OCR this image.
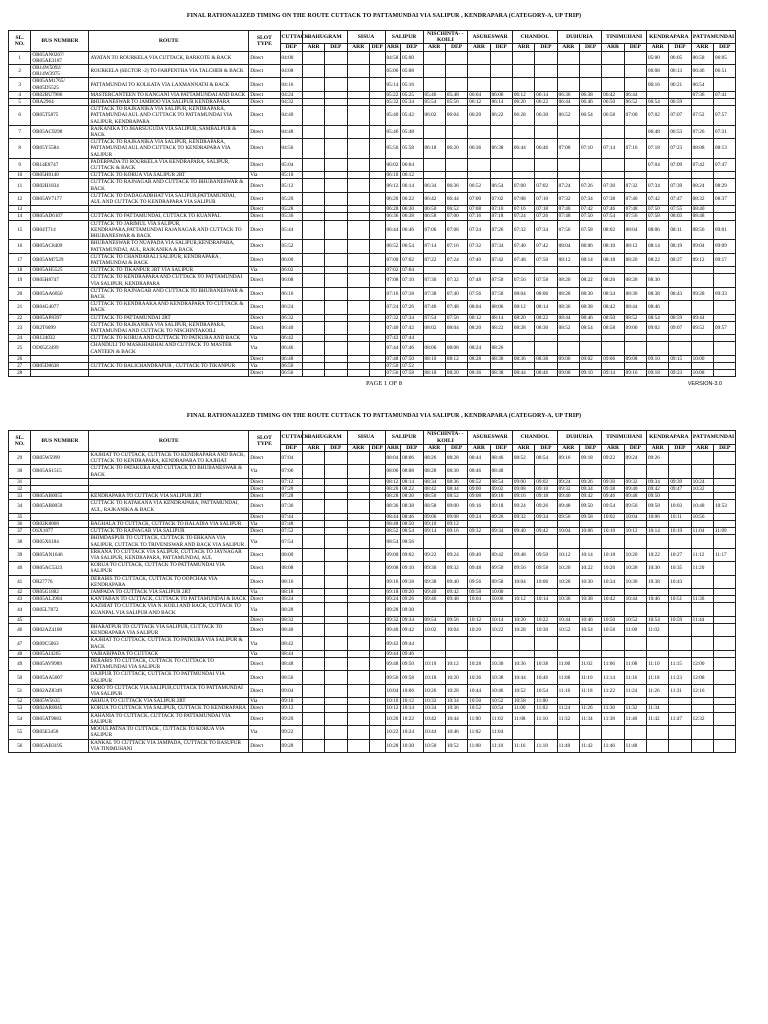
FINAL RATIONALIZED TIMING ON THE ROUTE CUTTACK TO PATTAMUNDAI VIA SALIPUR , KENDRAPARA (CATEGORY-A, UP TRIP)
SL. NO.	BUS NUMBER	ROUTE	SLOT TYPE	CUTTACK	BAHUGRAM		SISUA		SALIPUR		NISCHINTA- -KOILI		ASURESWAR		CHANDOL		DUHURIA		TINIMUHANI		KENDRAPARA		PATTAMUNDAI	
				DEP	ARR	DEP	ARR	DEP	ARR	DEP	ARR	DEP	ARR	DEP	ARR	DEP	ARR	DEP	ARR	DEP	ARR	DEP	ARR	DEP
1	OR05AN0267/ OR05AE3187	AYATAN TO ROURKELA VIA CUTTACK, BARKOTE & BACK	Direct	04:00					04:58	05:00											05:00	06:05	06:58	06:05
2	OR14W5092/ OR14W3975	ROURKELA (SECTOR -2) TO FARPENTHA VIA TALCHER & BACK	Direct	04:08					05:06	05:08											06:08	06:13	06:46	06:51
3	OR05AM1765/ OR05D5525	PATTAMUNDAI TO KOLKATA VIA LAXMANNATH & BACK	Direct	04:16					05:14	05:16											06:16	06:21	06:54	
4	OR02BU7986	MASTERCANTEEN TO KANGANI VIA PATTAMUNDAI AND BACK	Direct	04:24					05:22	05:25	05:46	05:48	06:04	06:06	06:12	06:14	06:36	06:38	06:42	06:44			07:36	07:41
5	ORA2964	BHUBANESWAR TO JAMBOO VIA SALIPUR KENDRAPARA	Direct	04:32					05:32	05:34	05:54	05:56	06:12	06:14	06:20	06:22	06:44	06:46	06:50	06:52	06:54	06:59		
6	OR05T5875	CUTTACK TO RAJKANIKA VIA SALIPUR, KENDRAPARA, PATTAMUNDAI AUL AND CUTTACK TO PATTAMUNDAI VIA SALIPUR, KENDRAPARA	Direct	04:40					05:40	05:42	06:02	06:04	06:20	06:22	06:28	06:30	06:52	06:54	06:58	07:00	07:02	07:07	07:52	07:57
7	OR05AC9298	RAJKANIKA TO JHARSUGUDA VIA SALIPUR, SAMBALPUR & BACK	Direct	04:48					05:46	05:48											06:48	06:53	07:26	07:31
8	OR05Y5584	CUTTACK TO RAJKANIKA VIA SALIPUR, KENDRAPARA, PATTAMUNDAI AUL AND CUTTACK TO KENDRAPARA VIA SALIPUR	Direct	04:56					05:56	05:58	06:18	06:20	06:36	06:38	06:44	06:46	07:08	07:10	07:14	07:16	07:18	07:23	08:08	08:13
9	OR14E8747	PADERPADA TO ROURKELA VIA KENDRAPARA, SALIPUR, CUTTACK & BACK	Direct	05:04					06:02	06:04											07:04	07:09	07:42	07:47
10	OR05H0140	CUTTACK TO KORUA VIA SALIPUR 2RT	Via	05:10					06:10	06:12														
11	OR02H1834	CUTTACK TO RAJNAGAR AND CUTTACK TO BHUBANESWAR & BACK	Direct	05:12					06:12	06:14	06:34	06:36	06:52	06:54	07:00	07:02	07:24	07:26	07:30	07:32	07:34	07:39	08:24	08:29
12	OR05AV7177	CUTTACK TO DADAGADBHAT VIA SALIPUR,PATTAMUNDAI, AUL AND CUTTACK TO KENDRAPARA VIA SALIPUR	Direct	05:20					06:20	06:22	06:42	06:44	07:00	07:02	07:08	07:10	07:32	07:34	07:38	07:40	07:42	07:47	08:32	08:37
13			Direct	05:28					06:28	06:30	06:50	06:52	07:08	07:10	07:16	07:18	07:40	07:42	07:46	07:48	07:50	07:55	08:40	
14	OR05AD6107	CUTTACK TO PATTAMUNDAI, CUTTACK TO KUANPAL	Direct	05:36					06:36	06:38	06:58	07:00	07:16	07:18	07:24	07:26	07:48	07:50	07:54	07:56	07:58	08:03	08:48	
15	OR04T714	CUTTACK TO JARIMUL VIA SALIPUR, KENDRAPARA,PATTAMUNDAI RAJANAGAR AND CUTTACK TO BHUBANESWAR & BACK	Direct	05:44					06:44	06:46	07:06	07:08	07:24	07:26	07:32	07:34	07:56	07:58	08:02	08:04	08:06	08:11	08:56	09:01
16	OR05AC8409	BHUBANESWAR TO NUAPADA VIA SALIPUR,KENDRAPARA, PATTAMUNDAI, AUL, RAJKANIKA & BACK	Direct	05:52					06:52	06:54	07:14	07:16	07:32	07:34	07:40	07:42	08:04	08:06	08:10	08:12	08:14	08:19	09:04	09:09
17	OR05AM7529	CUTTACK TO CHANDABALI SALIPUR, KENDRAPARA , PATTAMUNDAI & BACK	Direct	06:00					07:00	07:02	07:22	07:24	07:40	07:42	07:48	07:50	08:12	08:14	08:18	08:20	08:22	08:27	09:12	09:17
18	OR05AH5525	CUTTACK TO TIKANPUR 2RT VIA SALIPUR	Via	06:02					07:02	07:04														
19	OR05H8747	CUTTACK TO KENDRAPARA AND CUTTACK TO PATTAMUNDAI VIA SALIPUR, KENDRAPARA	Direct	06:08					07:08	07:10	07:30	07:32	07:48	07:50	07:56	07:58	08:20	08:22	08:26	08:28	08:30			
20	OR05AA6050	CUTTACK TO RAJNAGAR AND CUTTACK TO BHUBANESWAR & BACK	Direct	06:16					07:16	07:18	07:38	07:40	07:56	07:58	08:04	08:06	08:28	08:30	08:34	08:36	08:38	08:43	09:28	09:33
21	OR04G4077	CUTTACK TO KENDRAAKA AND KENDRAPARA TO CUTTACK & BACK	Direct	06:24					07:24	07:26	07:46	07:48	08:04	08:06	08:12	08:14	08:36	08:38	08:42	08:44	08:46			
22	OR05AP8397	CUTTACK TO PATTAMUNDAI 2RT	Direct	06:32					07:32	07:34	07:54	07:56	08:12	08:14	08:20	08:22	08:44	08:46	08:50	08:52	08:54	08:59	09:44	
23	OR2T6099	CUTTACK TO RAJKANIKA VIA SALIPUR, KENDRAPARA, PATTAMUNDAI AND CUTTACK TO NISCHINTAKOILI	Direct	06:40					07:40	07:42	08:02	08:04	08:20	08:22	08:28	08:30	08:52	08:54	08:58	09:00	09:02	09:07	09:52	09:57
24	OR124032	CUTTACK TO KORUA AND CUTTACK TO PATKURA AND BACK	Via	06:42					07:42	07:44														
25	OD05Z2499	CHANDULI TO MASKHIABHAI AND CUTTACK TO MASTER CANTEEN & BACK	Via	06:46					07:44	07:46	08:06	08:08	08:24	08:26										
26			Direct	06:48					07:48	07:50	08:10	08:12	08:28	08:30	08:36	08:38	09:00	09:02	09:06	09:08	09:10	09:15	10:00	
27	OR05D8638	CUTTACK TO BALICHANDRAPUR , CUTTACK TO TIKANPUR	Via	06:50					07:50	07:52														
28			Direct	06:56					07:56	07:58	08:18	08:20	08:36	08:38	08:44	08:46	09:08	09:10	09:14	09:16	09:18	09:23	10:08	
PAGE 1 OF 8	VERSION-3.0
FINAL RATIONALIZED TIMING ON THE ROUTE CUTTACK TO PATTAMUNDAI VIA SALIPUR , KENDRAPARA (CATEGORY-A, UP TRIP)
SL. NO.	BUS NUMBER	ROUTE	SLOT TYPE	CUTTACK	BAHUGRAM		SISUA		SALIPUR		NISCHINTA- -KOILI		ASURESWAR		CHANDOL		DUHURIA		TINIMUHANI		KENDRAPARA		PATTAMUNDAI	
				DEP	ARR	DEP	ARR	DEP	ARR	DEP	ARR	DEP	ARR	DEP	ARR	DEP	ARR	DEP	ARR	DEP	ARR	DEP	ARR	DEP
29	OR05W5999	KAJHIAT TO CUTTACK, CUTTACK TO KENDRAPARA AND BACK, CUTTACK TO KENDRAPARA, KENDRAPARA TO KAJHIAT	Direct	07:04					08:04	08:06	08:26	08:28	08:44	08:46	08:52	08:54	09:16	09:18	09:22	09:24	09:26			
30	OR05AS1515	CUTTACK TO PATAKURA AND CUTTACK TO BHUBANESWAR & BACK	Via	07:06					08:06	08:08	08:28	08:30	08:46	08:48										
31			Direct	07:12					08:12	08:14	08:34	08:36	08:52	08:54	09:00	09:02	09:24	09:26	09:30	09:32	09:34	09:39	10:24	
32			Direct	07:20					08:20	08:22	08:42	08:44	09:00	09:02	09:08	09:10	09:32	09:34	09:38	09:40	09:42	09:47	10:32	
33	OR05AB0055	KENDRAPARA TO CUTTACK VIA SALIPUR 2RT	Direct	07:28					08:28	08:30	08:50	08:52	09:08	09:10	09:16	09:18	09:40	09:42	09:46	09:48	09:50			
34	OR05AB0059	CUTTACK TO KATAKANA VIA KENDRAPARA, PATTAMUNDAI, AUL, RAJKANIKA & BACK	Direct	07:36					08:36	08:38	08:58	09:00	09:16	09:18	09:24	09:26	09:48	09:50	09:54	09:56	09:58	10:03	10:48	10:53
35			Direct	07:44					08:44	08:46	09:06	09:08	09:24	09:26	09:32	09:34	09:56	09:58	10:02	10:04	10:06	10:11	10:56	
36	OR02K8068	BAGHALA TO CUTTACK, CUTTACK TO HALADIA VIA SALIPUR	Via	07:48					08:48	08:50	09:10	09:12												
37	OSX1877	CUTTACK TO RAJNAGAR VIA SALIPUR	Direct	07:52					08:52	08:54	09:14	09:16	09:32	09:34	09:40	09:42	10:04	10:06	10:10	10:12	10:14	10:19	11:04	11:09
38	OR05X6184	BHIMDASPUR TO CUTTACK, CUTTACK TO ERKANA VIA SALIPUR, CUTTACK TO TRIVENISWAR AND BACK VIA SALIPUR	Via	07:54					08:54	08:56														
39	OR05AN1646	ERKANA TO CUTTACK VIA SALIPUR, CUTTACK TO JAYNAGAR VIA SALIPUR, KENDRAPARA, PATTAMUNDAI, AUL	Direct	08:00					09:00	09:02	09:22	09:24	09:40	09:42	09:48	09:50	10:12	10:14	10:18	10:20	10:22	10:27	11:12	11:17
40	OR05AC5323	KORUA TO CUTTACK, CUTTACK TO PATTAMUNDAI VIA SALIPUR	Direct	08:08					09:08	09:10	09:30	09:32	09:48	09:50	09:56	09:58	10:20	10:22	10:26	10:28	10:30	10:35	11:20	
41	OR27776	DERABIS TO CUTTACK, CUTTACK TO OOPCHAK VIA KENDRAPARA	Direct	08:16					09:16	09:18	09:38	09:40	09:56	09:58	10:04	10:06	10:28	10:30	10:34	10:36	10:38	10:43		
42	OR05G1882	JAMPADA TO CUTTACK VIA SALIPUR 2RT	Via	08:18					09:18	09:20	09:40	09:42	09:58	10:00										
43	OR05AL3904	KANTABAN TO CUTTACK, CUTTACK TO PATTAMUNDAI & BACK	Direct	08:24					09:24	09:26	09:46	09:48	10:04	10:06	10:12	10:14	10:36	10:38	10:42	10:44	10:46	10:51	11:36	
44	OR05L7872	KAZHIAT TO CUTTACK VIA N. KOILI AND BACK, CUTTACK TO KUANPAL VIA SALIPUR AND BACK	Via	08:28					09:28	09:30														
45			Direct	08:32					09:32	09:34	09:54	09:56	10:12	10:14	10:20	10:22	10:44	10:46	10:50	10:52	10:54	10:59	11:44	
46	OR02AZ4108	BHARATPUR TO CUTTACK VIA SALIPUR, CUTTACK TO KENDRAPARA VIA SALIPUR	Direct	08:40					09:40	09:42	10:02	10:04	10:20	10:22	10:28	10:30	10:52	10:54	10:58	11:00	11:02			
47	OR09C5063	KAJHIAT TO CUTTACK, CUTTACK TO PATKURA VIA SALIPUR & BACK	Via	08:42					09:42	09:44														
48	OR05AJ4265	VAIRABIPADA TO CUTTACK	Via	08:44					09:44	09:46														
49	OR05AV9989	DERABIS TO CUTTACK, CUTTACK TO CUTTACK TO PATTAMUNDAI VIA SALIPUR	Direct	08:48					09:48	09:50	10:10	10:12	10:28	10:30	10:36	10:38	11:00	11:02	11:06	11:08	11:10	11:15	12:00	
50	OR05AA5007	OAJIPUR TO CUTTACK, CUTTACK TO PATTMUNDAI VIA SALIPUR	Direct	08:56					09:56	09:58	10:18	10:20	10:36	10:38	10:44	10:46	11:08	11:10	11:14	11:16	11:18	11:23	12:08	
51	OR02AZ8349	KORO TO CUTTACK VIA SALIPUR,CUTTACK TO PATTAMUNDAI VIA SALIPUR	Direct	09:04					10:04	10:06	10:26	10:28	10:44	10:46	10:52	10:54	11:16	11:18	11:22	11:24	11:26	11:31	12:16	
52	OR05W5635	AKHUA TO CUTTACK VIA SALIPUR 2RT	Via	09:10					10:10	10:12	10:32	10:34	10:50	10:52	10:58	11:00								
53	OR02AR0045	KORUA TO CUTTACK VIA SALIPUR, CUTTACK TO KENDRAPARA	Direct	09:12					10:12	10:14	10:34	10:36	10:52	10:54	11:00	11:02	11:24	11:26	11:30	11:32	11:34			
54	OR05AT9683	KAHANIA TO CUTTACK, CUTTACK TO PATTAMUNDAI VIA SALIPUR	Direct	09:20					10:20	10:22	10:42	10:44	11:00	11:02	11:08	11:10	11:32	11:34	11:38	11:40	11:42	11:47	12:32	
55	OR05E3450	MOOULPATNA TO CUTTACK , CUTTACK TO KORUA VIA SALIPUR	Via	09:22					10:22	10:24	10:44	10:46	11:02	11:04										
56	OR05AB3195	KANKAL TO CUTTACK VIA JAMPADA, CUTTACK TO BASUPUR VIA TINIMUHANI	Direct	09:28					10:28	10:30	10:50	10:52	11:08	11:10	11:16	11:18	11:40	11:42	11:46	11:48				
